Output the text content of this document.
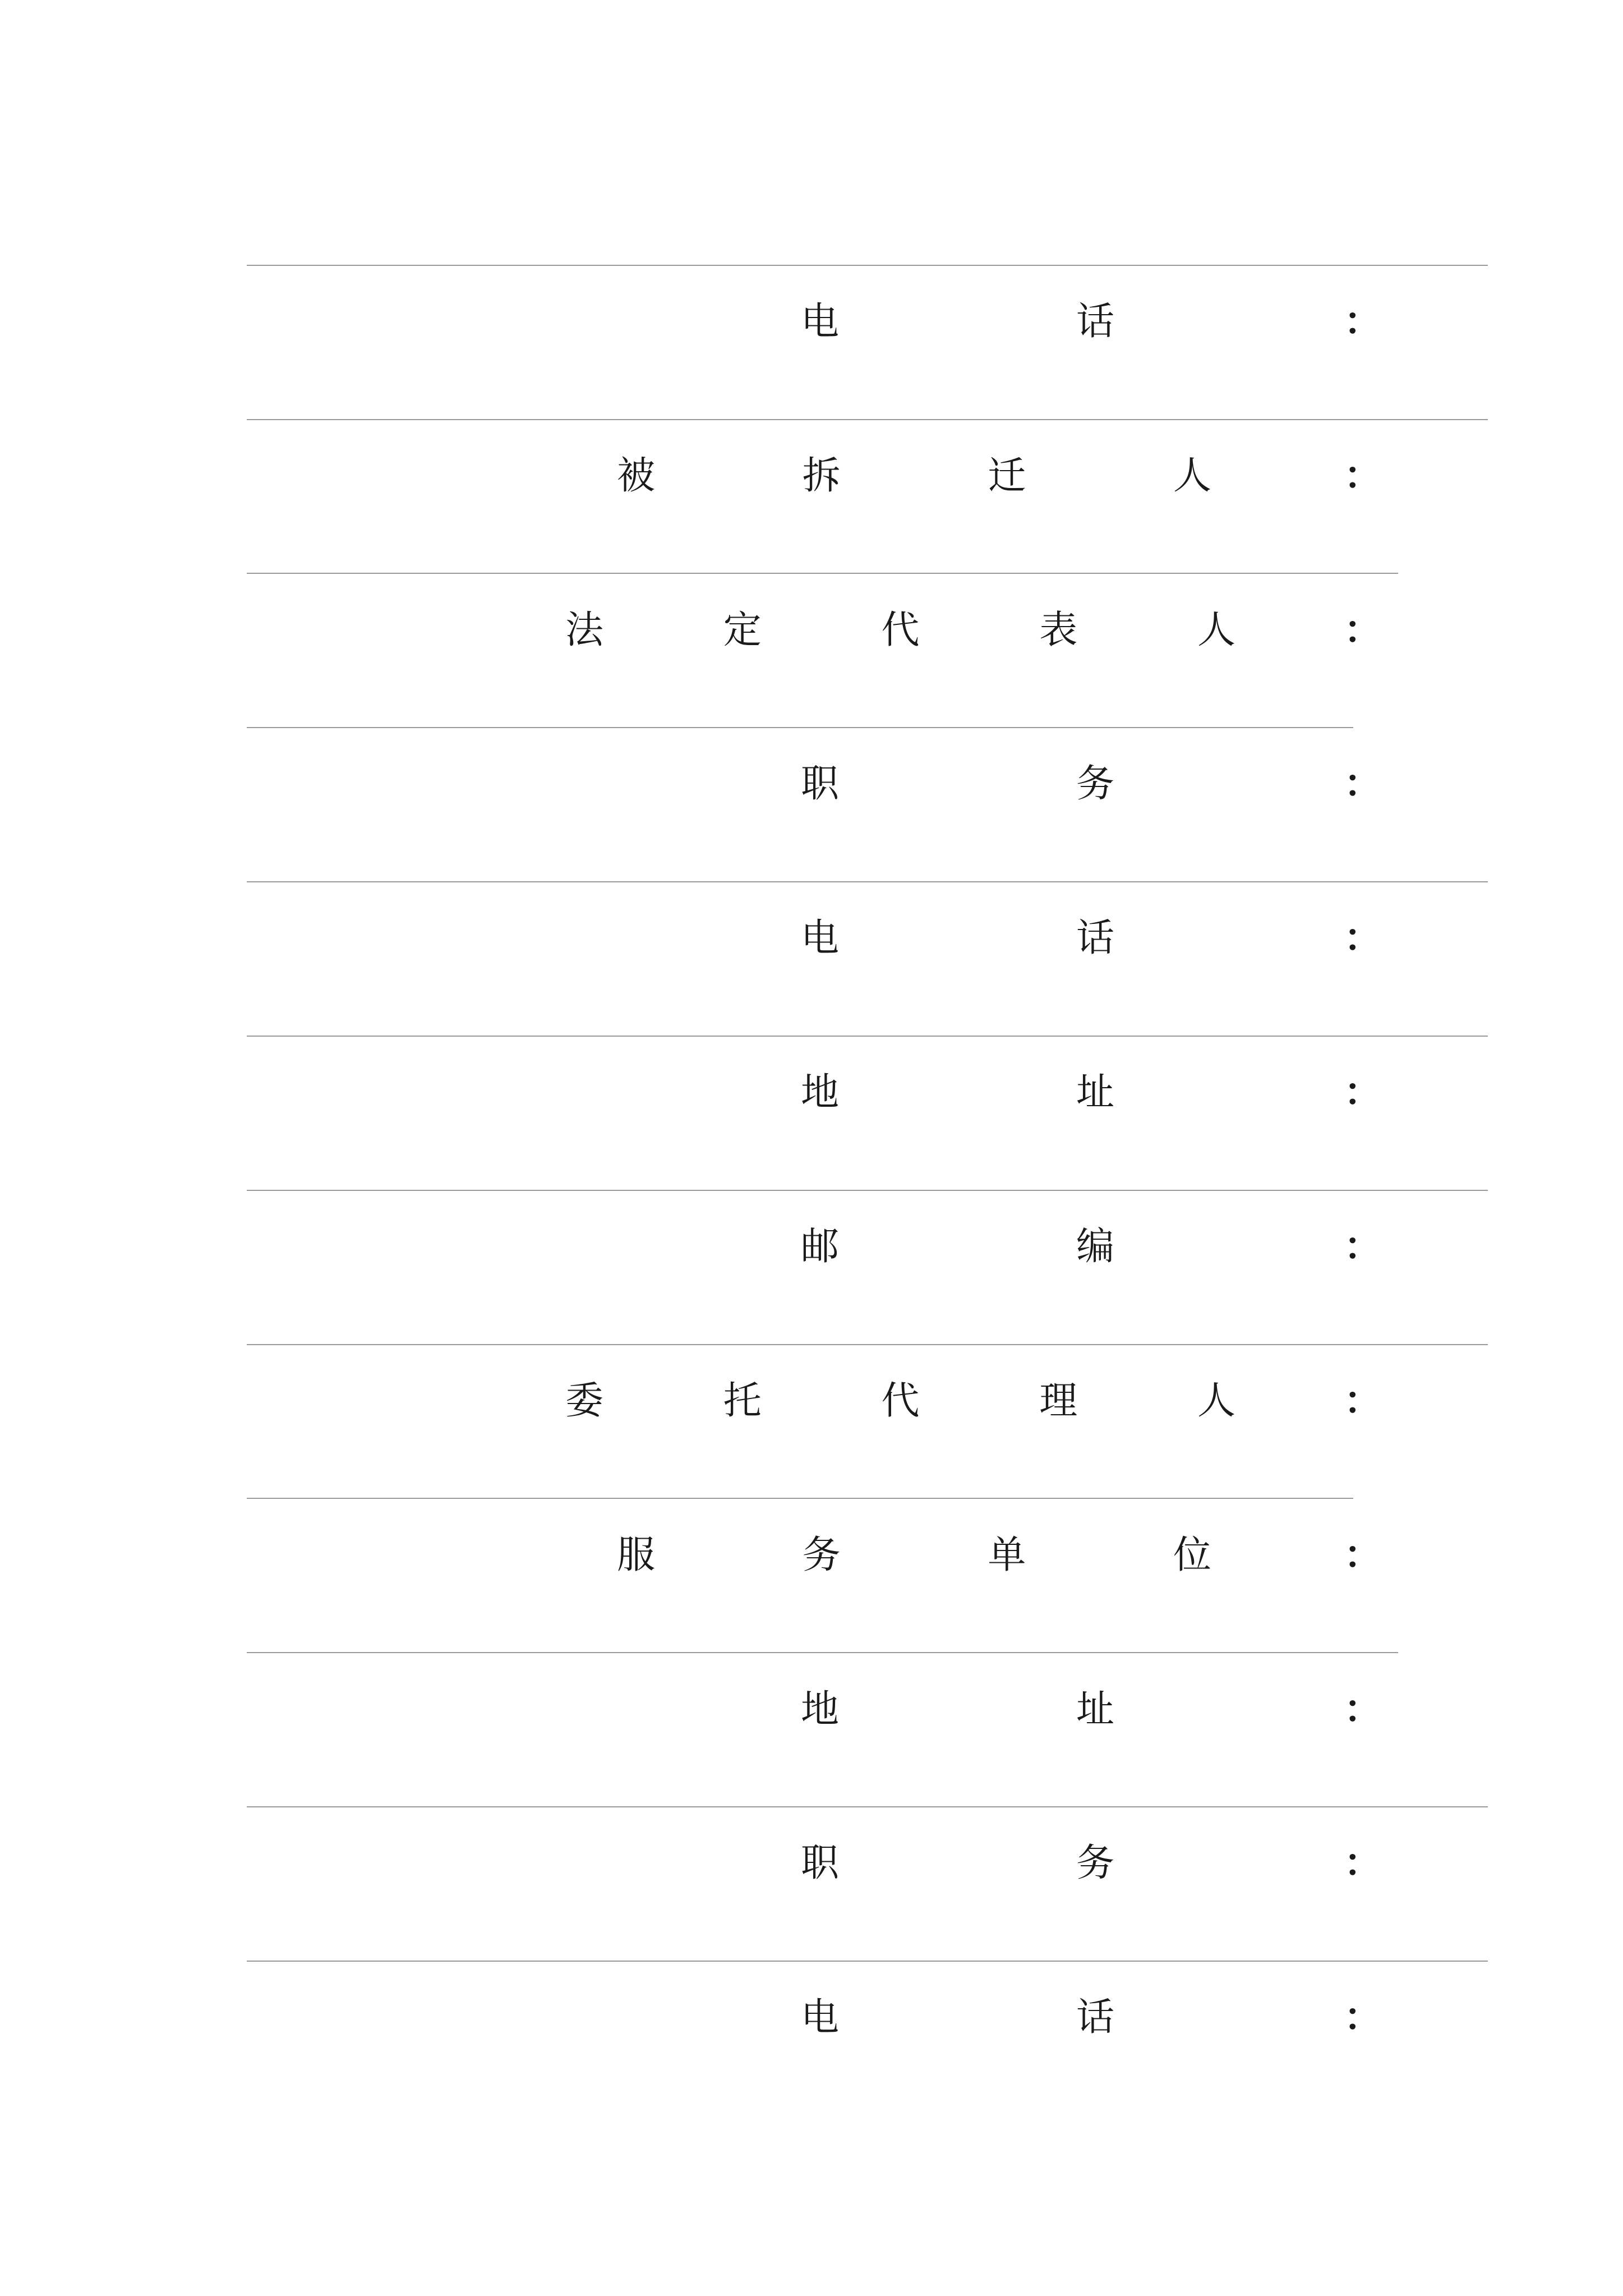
电	话	：
被	拆	迁	人	：
法	定	代	表	人	：
职	务	：
电	话	：
地	址	：
邮	编	：
委	托	代	理	人	：
服	务	单	位	：
地	址	：
职	务	：
电	话	：
